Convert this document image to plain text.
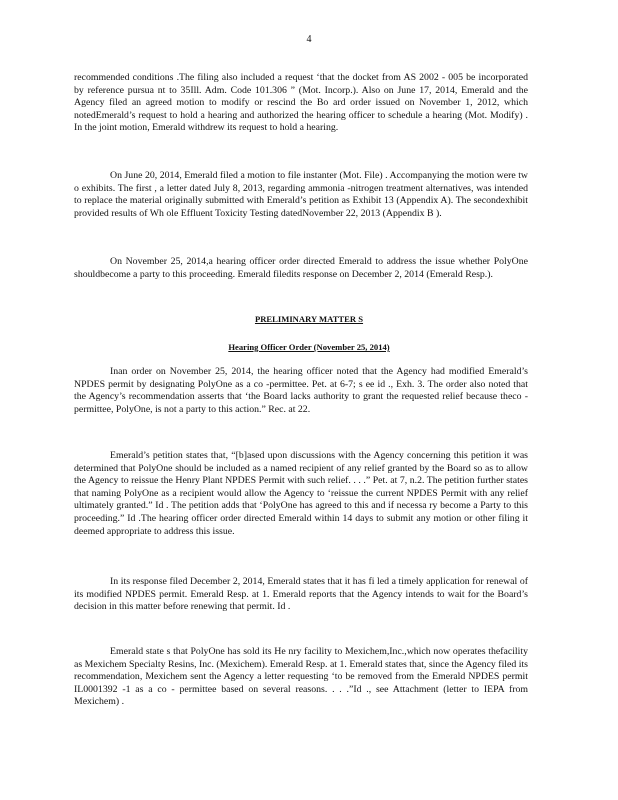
4

recommended conditions .The filing also included a request ‘that the docket from AS 2002 - 005 be incorporated by reference pursua nt to 35Ill. Adm. Code 101.306 ” (Mot. Incorp.). Also on June 17, 2014, Emerald and the Agency filed an agreed motion to modify or rescind the Bo ard order issued on November 1, 2012, which notedEmerald’s request to hold a hearing and authorized the hearing officer to schedule a hearing (Mot. Modify) . In the joint motion, Emerald withdrew its request to hold a hearing.

On June 20, 2014, Emerald filed a motion to file instanter (Mot. File) . Accompanying the motion were tw o exhibits. The first , a letter dated July 8, 2013, regarding ammonia -nitrogen treatment alternatives, was intended to replace the material originally submitted with Emerald’s petition as Exhibit 13 (Appendix A). The secondexhibit provided results of Wh ole Effluent Toxicity Testing datedNovember 22, 2013 (Appendix B ).

On November 25, 2014,a hearing officer order directed Emerald to address the issue whether PolyOne shouldbecome a party to this proceeding. Emerald filedits response on December 2, 2014 (Emerald Resp.).

PRELIMINARY MATTER S

Hearing Officer Order (November 25, 2014)

Inan order on November 25, 2014, the hearing officer noted that the Agency had modified Emerald’s NPDES permit by designating PolyOne as a co -permittee. Pet. at 6-7; s ee id ., Exh. 3. The order also noted that the Agency’s recommendation asserts that ‘the Board lacks authority to grant the requested relief because theco - permittee, PolyOne, is not a party to this action.” Rec. at 22.

Emerald’s petition states that, “[b]ased upon discussions with the Agency concerning this petition it was determined that PolyOne should be included as a named recipient of any relief granted by the Board so as to allow the Agency to reissue the Henry Plant NPDES Permit with such relief. . . .” Pet. at 7, n.2. The petition further states that naming PolyOne as a recipient would allow the Agency to ‘reissue the current NPDES Permit with any relief ultimately granted.” Id . The petition adds that ‘PolyOne has agreed to this and if necessa ry become a Party to this proceeding.” Id .The hearing officer order directed Emerald within 14 days to submit any motion or other filing it deemed appropriate to address this issue.

In its response filed December 2, 2014, Emerald states that it has fi led a timely application for renewal of its modified NPDES permit. Emerald Resp. at 1. Emerald reports that the Agency intends to wait for the Board’s decision in this matter before renewing that permit. Id .

Emerald state s that PolyOne has sold its He nry facility to Mexichem,Inc.,which now operates thefacility as Mexichem Specialty Resins, Inc. (Mexichem). Emerald Resp. at 1. Emerald states that, since the Agency filed its recommendation, Mexichem sent the Agency a letter requesting ‘to be removed from the Emerald NPDES permit IL0001392 -1 as a co - permittee based on several reasons. . . .”Id ., see Attachment (letter to IEPA from Mexichem) .
